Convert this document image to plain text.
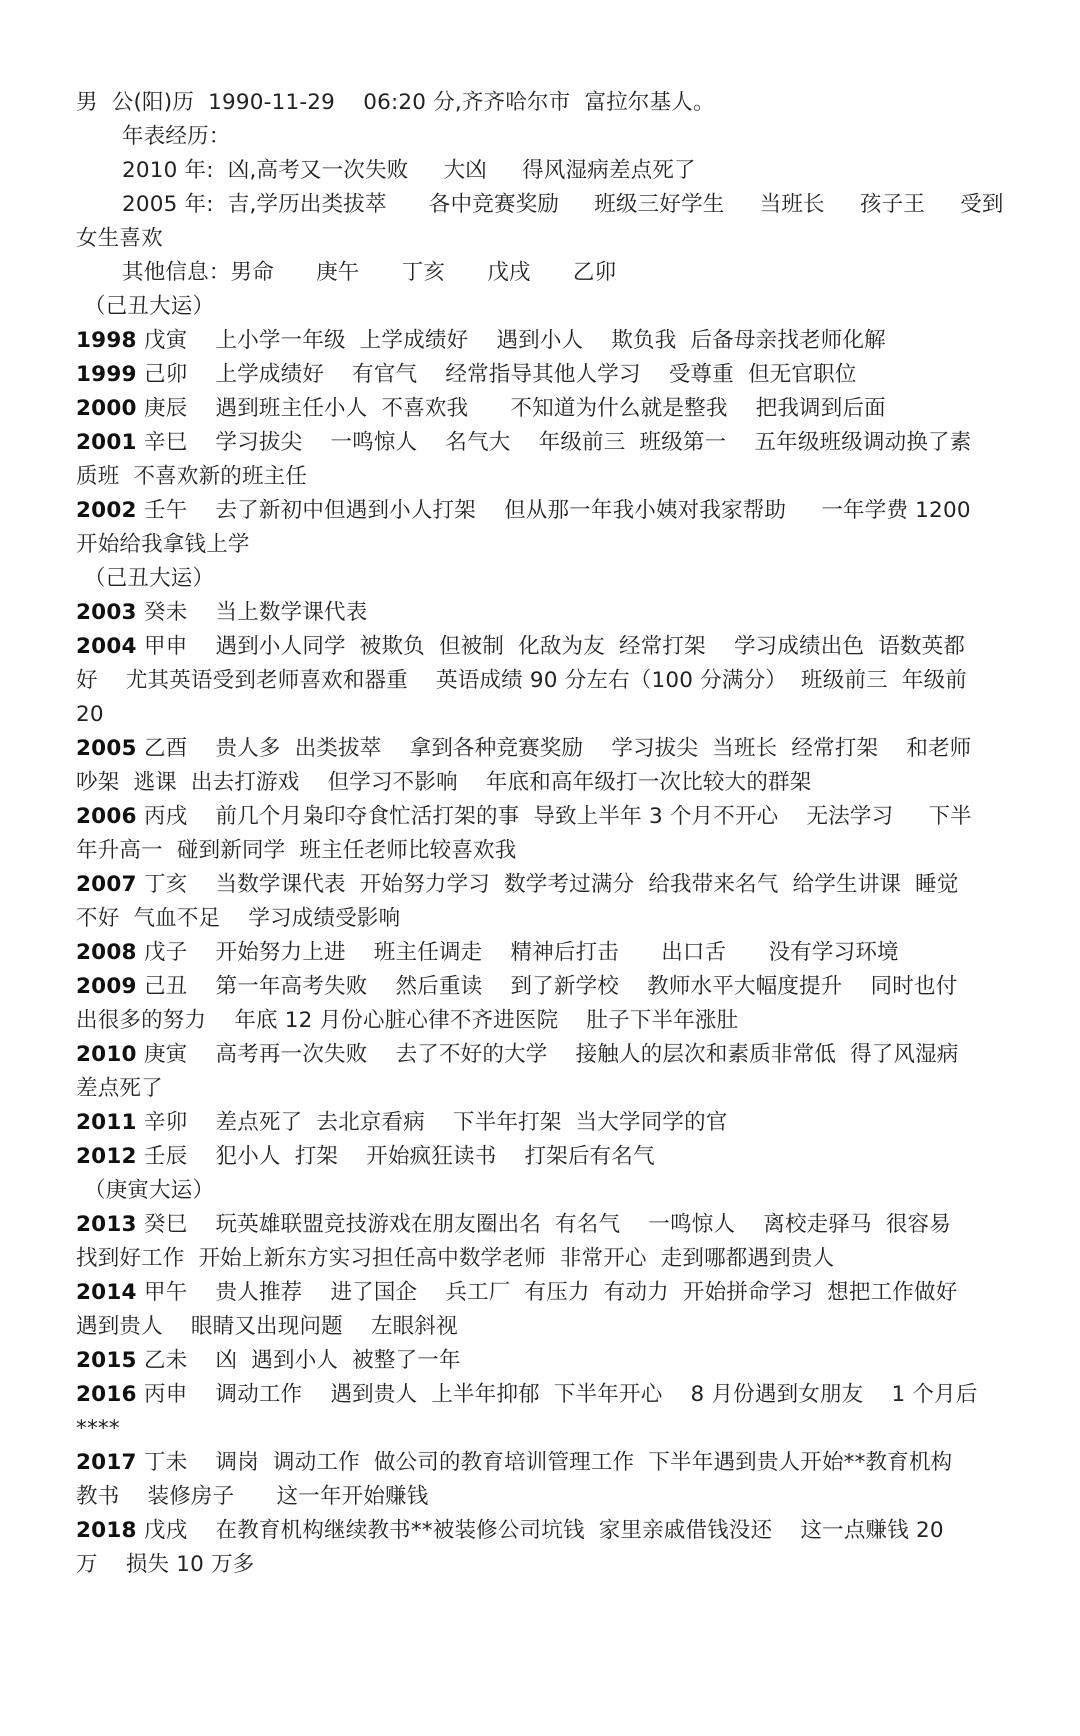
男  公(阳)历  1990-11-29    06:20 分,齐齐哈尔市  富拉尔基人。
年表经历：
2010 年:  凶,高考又一次失败     大凶     得风湿病差点死了
2005 年:  吉,学历出类拔萃      各中竞赛奖励     班级三好学生     当班长     孩子王     受到
女生喜欢
其他信息：男命      庚午      丁亥      戊戌      乙卯
（己丑大运）
1998 戊寅    上小学一年级  上学成绩好    遇到小人    欺负我  后备母亲找老师化解
1999 己卯    上学成绩好    有官气    经常指导其他人学习    受尊重  但无官职位
2000 庚辰    遇到班主任小人  不喜欢我      不知道为什么就是整我    把我调到后面
2001 辛巳    学习拔尖    一鸣惊人    名气大    年级前三  班级第一    五年级班级调动换了素
质班  不喜欢新的班主任
2002 壬午    去了新初中但遇到小人打架    但从那一年我小姨对我家帮助     一年学费 1200
开始给我拿钱上学
（己丑大运）
2003 癸未    当上数学课代表
2004 甲申    遇到小人同学  被欺负  但被制  化敌为友  经常打架    学习成绩出色  语数英都
好    尤其英语受到老师喜欢和器重    英语成绩 90 分左右（100 分满分）  班级前三  年级前
20
2005 乙酉    贵人多  出类拔萃    拿到各种竞赛奖励    学习拔尖  当班长  经常打架    和老师
吵架  逃课  出去打游戏    但学习不影响    年底和高年级打一次比较大的群架
2006 丙戌    前几个月枭印夺食忙活打架的事  导致上半年 3 个月不开心    无法学习     下半
年升高一  碰到新同学  班主任老师比较喜欢我
2007 丁亥    当数学课代表  开始努力学习  数学考过满分  给我带来名气  给学生讲课  睡觉
不好  气血不足    学习成绩受影响
2008 戊子    开始努力上进    班主任调走    精神后打击      出口舌      没有学习环境
2009 己丑    第一年高考失败    然后重读    到了新学校    教师水平大幅度提升    同时也付
出很多的努力    年底 12 月份心脏心律不齐进医院    肚子下半年涨肚
2010 庚寅    高考再一次失败    去了不好的大学    接触人的层次和素质非常低  得了风湿病
差点死了
2011 辛卯    差点死了  去北京看病    下半年打架  当大学同学的官
2012 壬辰    犯小人  打架    开始疯狂读书    打架后有名气
（庚寅大运）
2013 癸巳    玩英雄联盟竞技游戏在朋友圈出名  有名气    一鸣惊人    离校走驿马  很容易
找到好工作  开始上新东方实习担任高中数学老师  非常开心  走到哪都遇到贵人
2014 甲午    贵人推荐    进了国企    兵工厂  有压力  有动力  开始拼命学习  想把工作做好
遇到贵人    眼睛又出现问题    左眼斜视
2015 乙未    凶  遇到小人  被整了一年
2016 丙申    调动工作    遇到贵人  上半年抑郁  下半年开心    8 月份遇到女朋友    1 个月后
****
2017 丁未    调岗  调动工作  做公司的教育培训管理工作  下半年遇到贵人开始**教育机构
教书    装修房子      这一年开始赚钱
2018 戊戌    在教育机构继续教书**被装修公司坑钱  家里亲戚借钱没还    这一点赚钱 20
万    损失 10 万多
